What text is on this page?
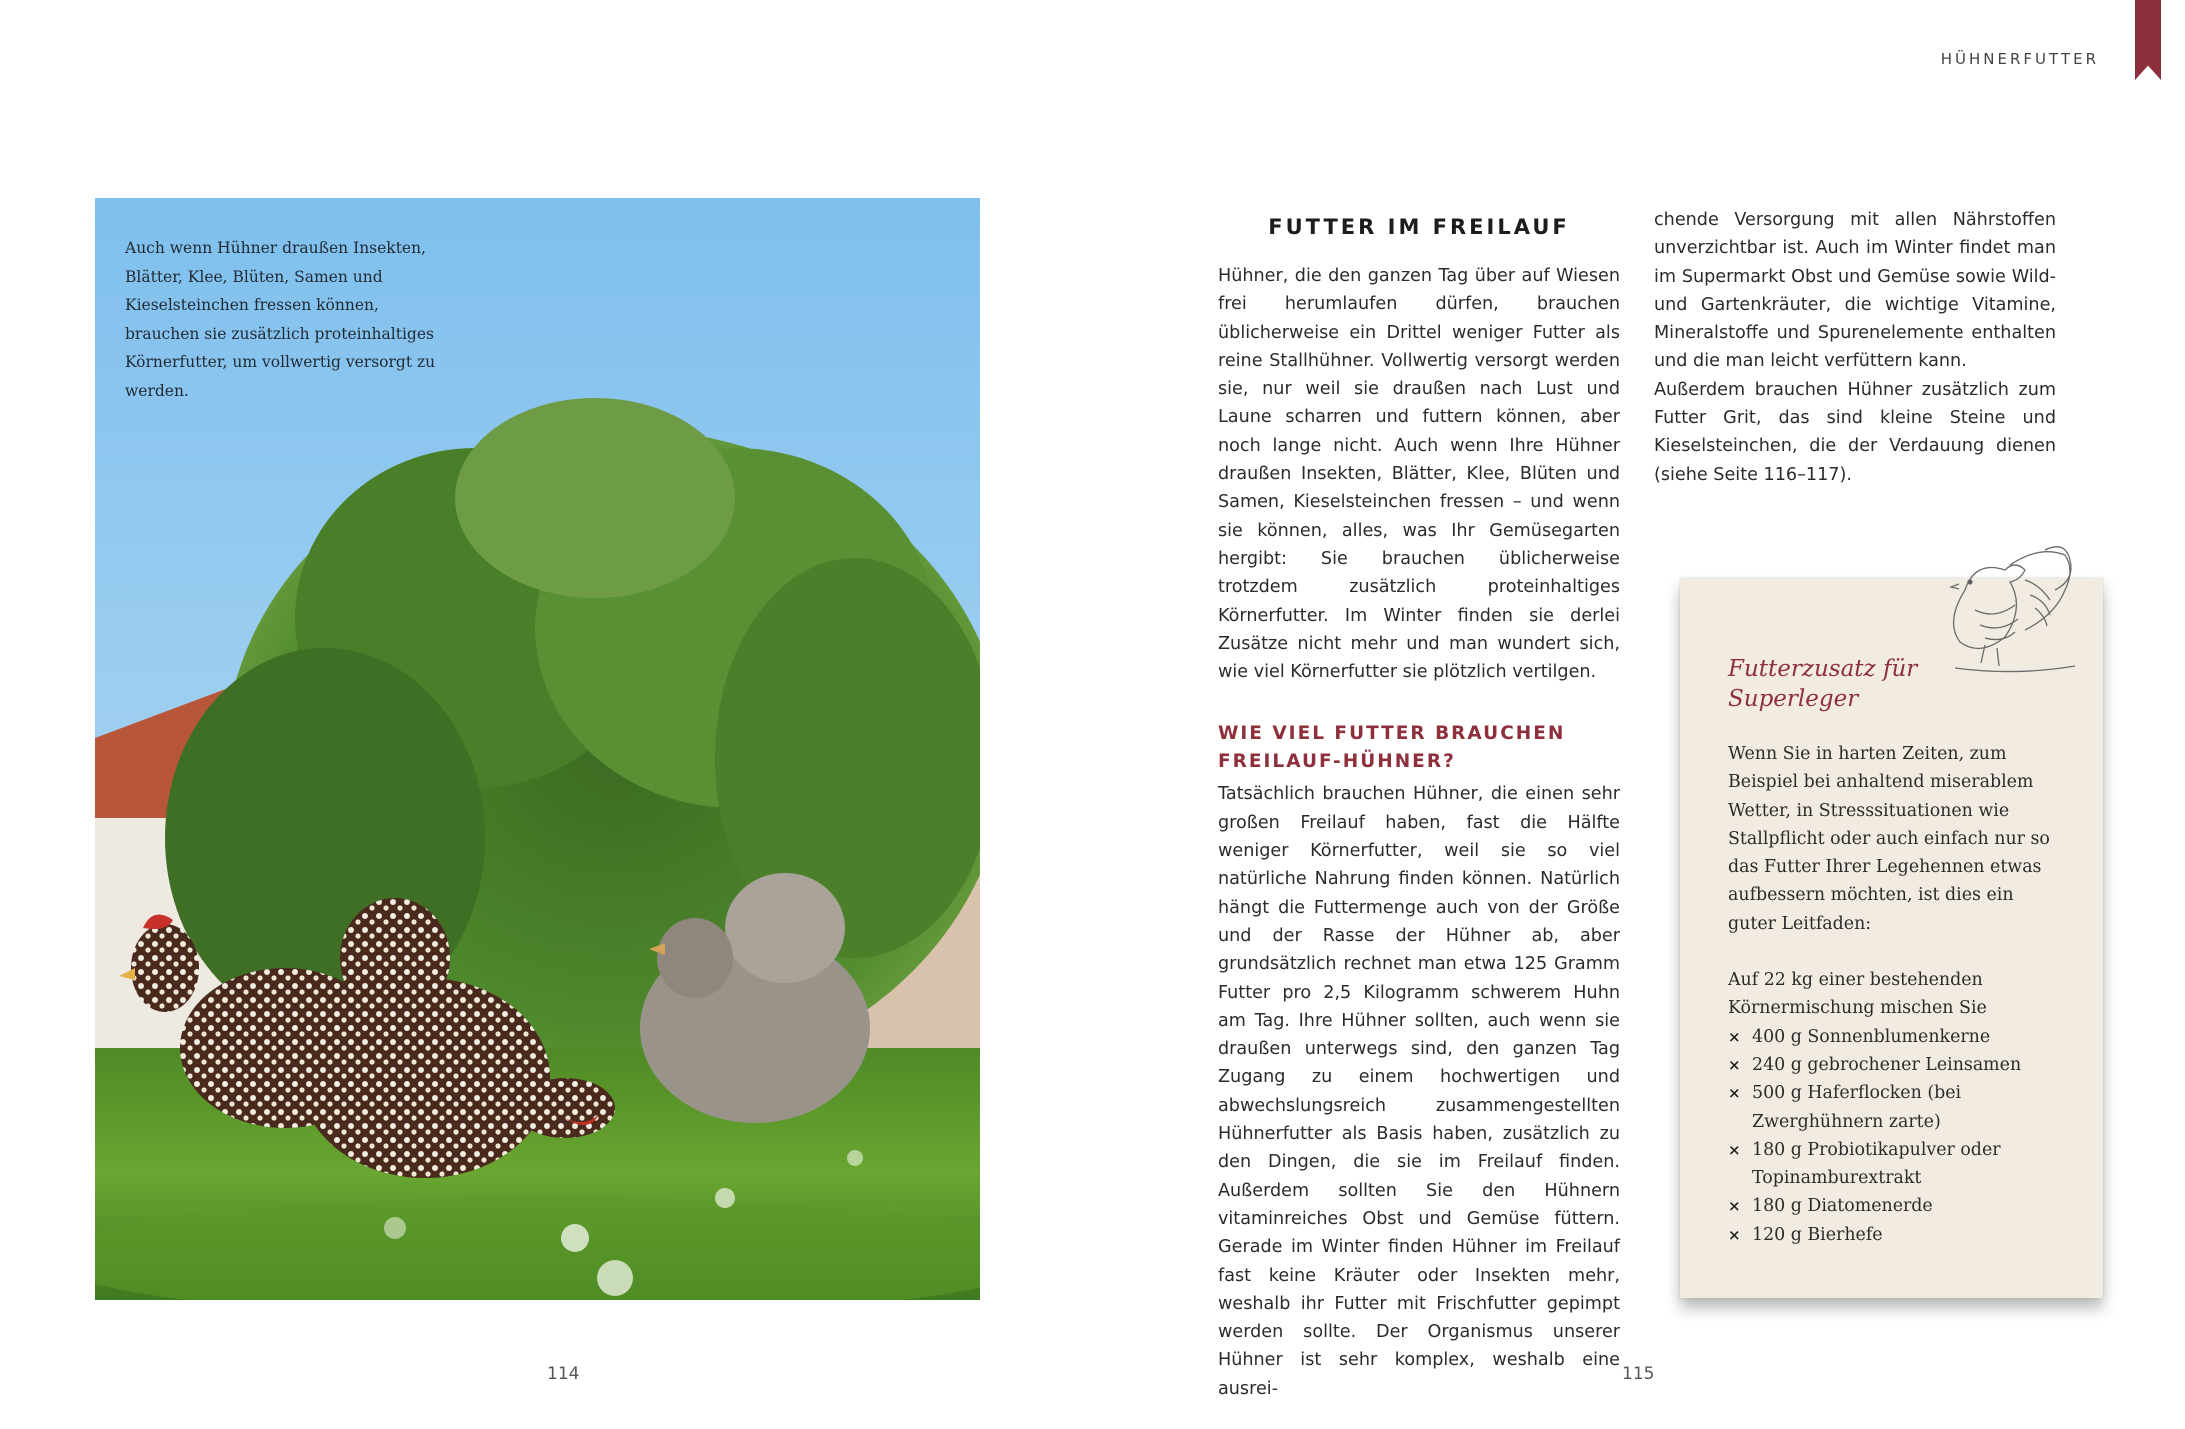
HÜHNERFUTTER
Auch wenn Hühner draußen Insekten, Blätter, Klee, Blüten, Samen und Kieselsteinchen fressen können, brauchen sie zusätzlich proteinhaltiges Körnerfutter, um vollwertig versorgt zu werden.
114
FUTTER IM FREILAUF

Hühner, die den ganzen Tag über auf Wiesen frei herumlaufen dürfen, brauchen üblicherweise ein Drittel weniger Futter als reine Stallhühner. Vollwertig versorgt werden sie, nur weil sie draußen nach Lust und Laune scharren und futtern können, aber noch lange nicht. Auch wenn Ihre Hühner draußen Insekten, Blätter, Klee, Blüten und Samen, Kieselsteinchen fressen – und wenn sie können, alles, was Ihr Gemüsegarten hergibt: Sie brauchen üblicherweise trotzdem zusätzlich proteinhaltiges Körnerfutter. Im Winter finden sie derlei Zusätze nicht mehr und man wundert sich, wie viel Körnerfutter sie plötzlich vertilgen.

WIE VIEL FUTTER BRAUCHEN FREILAUF-HÜHNER?

Tatsächlich brauchen Hühner, die einen sehr großen Freilauf haben, fast die Hälfte weniger Körnerfutter, weil sie so viel natürliche Nahrung finden können. Natürlich hängt die Futtermenge auch von der Größe und der Rasse der Hühner ab, aber grundsätzlich rechnet man etwa 125 Gramm Futter pro 2,5 Kilogramm schwerem Huhn am Tag. Ihre Hühner sollten, auch wenn sie draußen unterwegs sind, den ganzen Tag Zugang zu einem hochwertigen und abwechslungsreich zusammengestellten Hühnerfutter als Basis haben, zusätzlich zu den Dingen, die sie im Freilauf finden. Außerdem sollten Sie den Hühnern vitaminreiches Obst und Gemüse füttern. Gerade im Winter finden Hühner im Freilauf fast keine Kräuter oder Insekten mehr, weshalb ihr Futter mit Frischfutter gepimpt werden sollte. Der Organismus unserer Hühner ist sehr komplex, weshalb eine ausrei-

chende Versorgung mit allen Nährstoffen unverzichtbar ist. Auch im Winter findet man im Supermarkt Obst und Gemüse sowie Wild- und Gartenkräuter, die wichtige Vitamine, Mineralstoffe und Spurenelemente enthalten und die man leicht verfüttern kann.

Außerdem brauchen Hühner zusätzlich zum Futter Grit, das sind kleine Steine und Kieselsteinchen, die der Verdauung dienen (siehe Seite 116–117).

Futterzusatz für Superleger

Wenn Sie in harten Zeiten, zum Beispiel bei anhaltend miserablem Wetter, in Stresssituationen wie Stallpflicht oder auch einfach nur so das Futter Ihrer Legehennen etwas aufbessern möchten, ist dies ein guter Leitfaden:

Auf 22 kg einer bestehenden Körnermischung mischen Sie

× 400 g Sonnenblumenkerne
× 240 g gebrochener Leinsamen
× 500 g Haferflocken (bei Zwerghühnern zarte)
× 180 g Probiotikapulver oder Topinamburextrakt
× 180 g Diatomenerde
× 120 g Bierhefe
115
